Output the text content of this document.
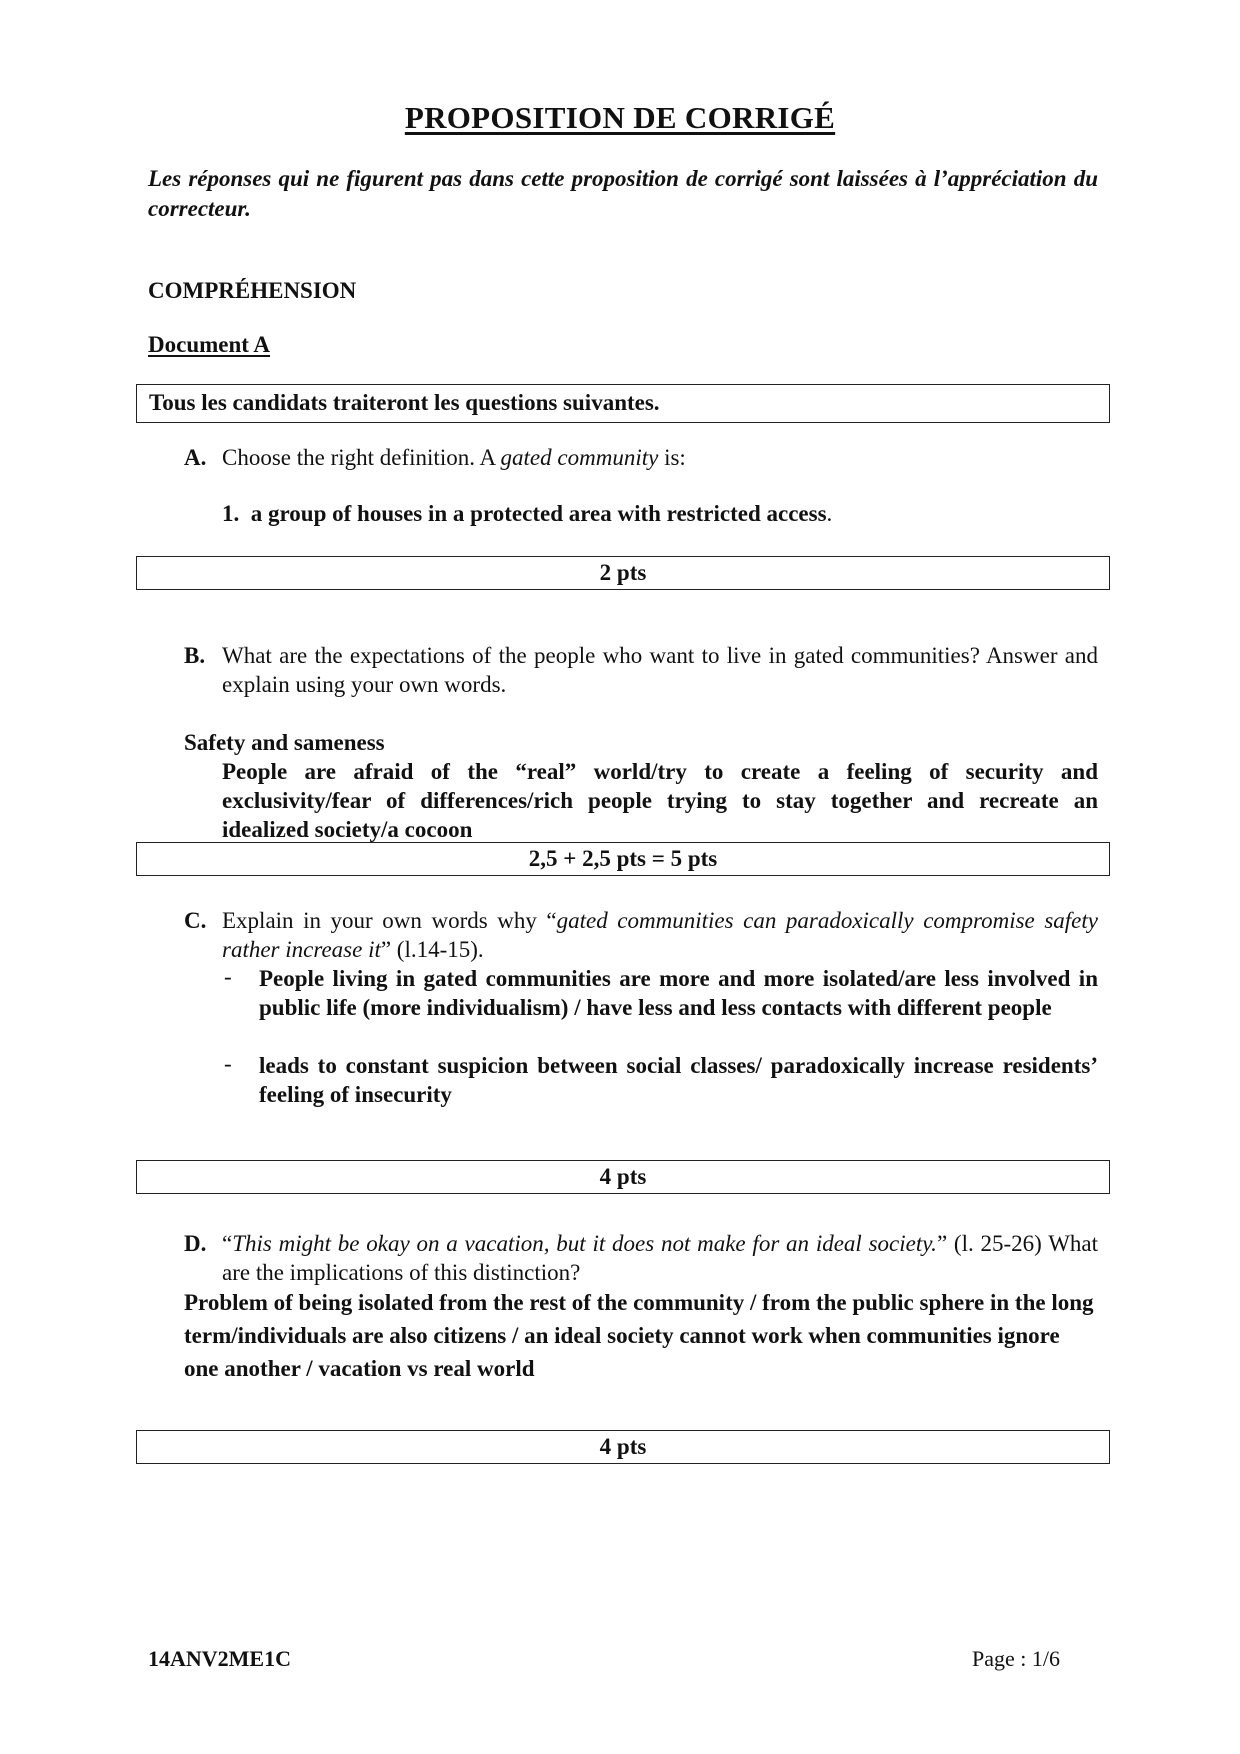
PROPOSITION DE CORRIGÉ
Les réponses qui ne figurent pas dans cette proposition de corrigé sont laissées à l’appréciation du correcteur.
COMPRÉHENSION
Document A
Tous les candidats traiteront les questions suivantes.
A. Choose the right definition. A gated community is:
1. a group of houses in a protected area with restricted access.
2 pts
B. What are the expectations of the people who want to live in gated communities? Answer and explain using your own words.
Safety and sameness
People are afraid of the “real” world/try to create a feeling of security and exclusivity/fear of differences/rich people trying to stay together and recreate an idealized society/a cocoon
2,5 + 2,5 pts = 5 pts
C. Explain in your own words why “gated communities can paradoxically compromise safety rather increase it” (l.14-15).
- People living in gated communities are more and more isolated/are less involved in public life (more individualism) / have less and less contacts with different people
- leads to constant suspicion between social classes/ paradoxically increase residents’ feeling of insecurity
4 pts
D. “This might be okay on a vacation, but it does not make for an ideal society.” (l. 25-26) What are the implications of this distinction?
Problem of being isolated from the rest of the community / from the public sphere in the long term/individuals are also citizens / an ideal society cannot work when communities ignore one another / vacation vs real world
4 pts
14ANV2ME1C	Page : 1/6
